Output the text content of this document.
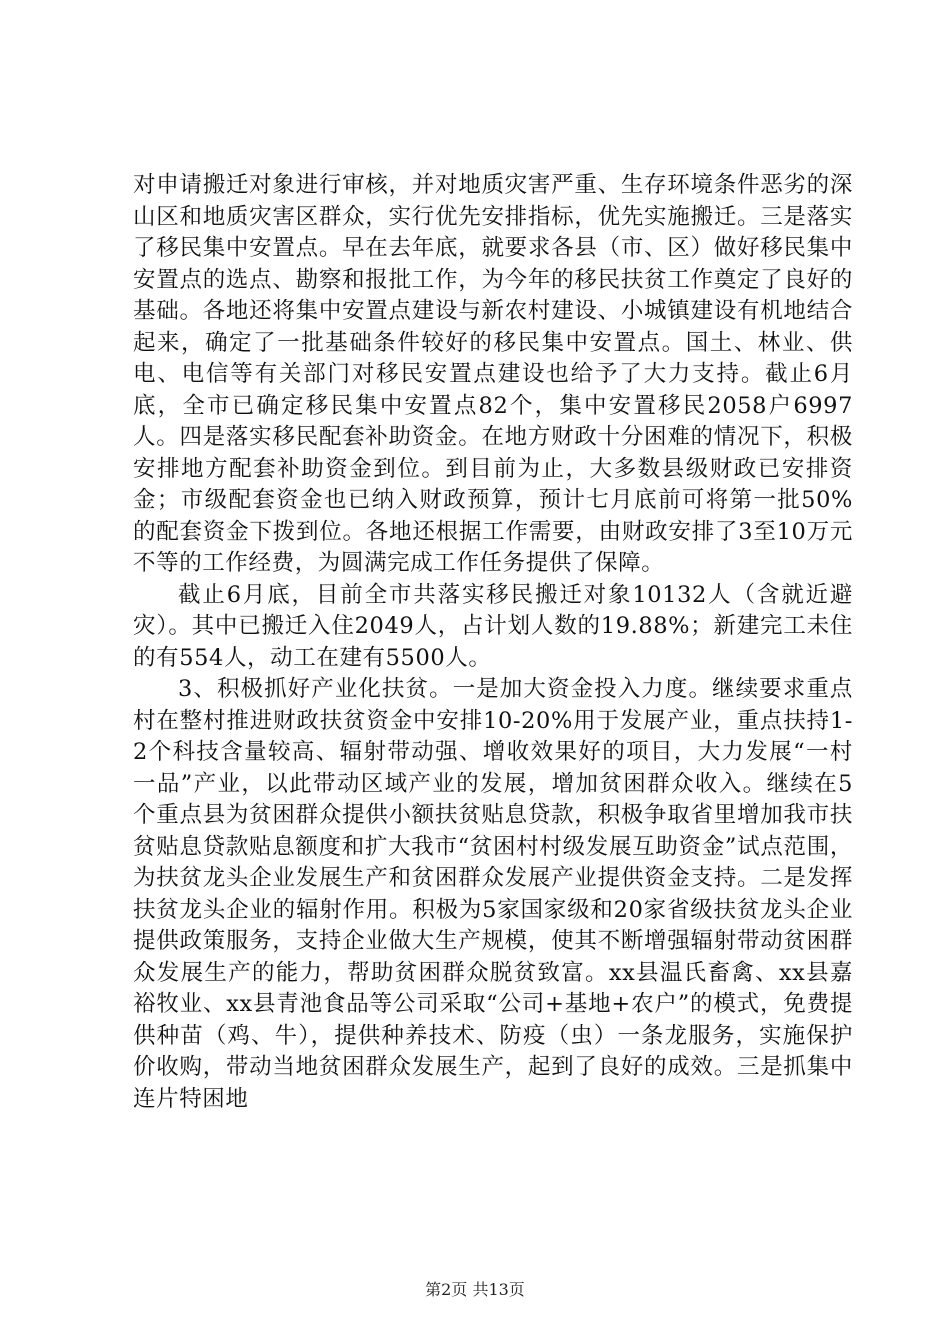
对申请搬迁对象进行审核，并对地质灾害严重、生存环境条件恶劣的深山区和地质灾害区群众，实行优先安排指标，优先实施搬迁。三是落实了移民集中安置点。早在去年底，就要求各县（市、区）做好移民集中安置点的选点、勘察和报批工作，为今年的移民扶贫工作奠定了良好的基础。各地还将集中安置点建设与新农村建设、小城镇建设有机地结合起来，确定了一批基础条件较好的移民集中安置点。国土、林业、供电、电信等有关部门对移民安置点建设也给予了大力支持。截止6月底，全市已确定移民集中安置点82个，集中安置移民2058户6997人。四是落实移民配套补助资金。在地方财政十分困难的情况下，积极安排地方配套补助资金到位。到目前为止，大多数县级财政已安排资金；市级配套资金也已纳入财政预算，预计七月底前可将第一批50%的配套资金下拨到位。各地还根据工作需要，由财政安排了3至10万元不等的工作经费，为圆满完成工作任务提供了保障。

截止6月底，目前全市共落实移民搬迁对象10132人（含就近避灾）。其中已搬迁入住2049人，占计划人数的19.88%；新建完工未住的有554人，动工在建有5500人。

3、积极抓好产业化扶贫。一是加大资金投入力度。继续要求重点村在整村推进财政扶贫资金中安排10-20%用于发展产业，重点扶持1-2个科技含量较高、辐射带动强、增收效果好的项目，大力发展“一村一品”产业，以此带动区域产业的发展，增加贫困群众收入。继续在5个重点县为贫困群众提供小额扶贫贴息贷款，积极争取省里增加我市扶贫贴息贷款贴息额度和扩大我市“贫困村村级发展互助资金”试点范围，为扶贫龙头企业发展生产和贫困群众发展产业提供资金支持。二是发挥扶贫龙头企业的辐射作用。积极为5家国家级和20家省级扶贫龙头企业提供政策服务，支持企业做大生产规模，使其不断增强辐射带动贫困群众发展生产的能力，帮助贫困群众脱贫致富。xx县温氏畜禽、xx县嘉裕牧业、xx县青池食品等公司采取“公司+基地+农户”的模式，免费提供种苗（鸡、牛），提供种养技术、防疫（虫）一条龙服务，实施保护价收购，带动当地贫困群众发展生产，起到了良好的成效。三是抓集中连片特困地

第2页 共13页
